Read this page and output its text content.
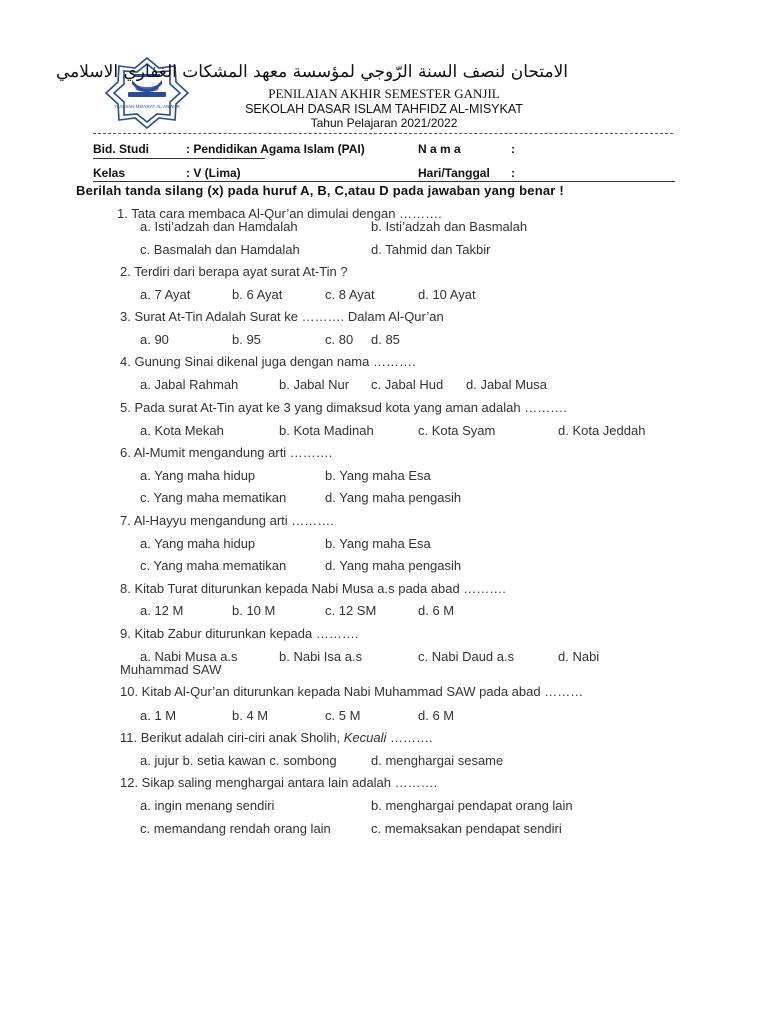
YAYASAN MISYKAT AL-ANWAR
الامتحان لنصف السنة الرّوجي لمؤسسة معهد المشكات الغفاري الاسلامي
PENILAIAN AKHIR SEMESTER GANJIL
SEKOLAH DASAR ISLAM TAHFIDZ AL-MISYKAT
Tahun Pelajaran 2021/2022
Bid. Studi	: Pendidikan Agama Islam (PAI)	N a m a	:
Kelas	: V (Lima)	Hari/Tanggal :
Berilah tanda silang (x) pada huruf A, B, C,atau D pada jawaban yang benar !
1. Tata cara membaca Al-Qur’an dimulai dengan ……….
a. Isti’adzah dan Hamdalah	b. Isti’adzah dan Basmalah
c. Basmalah dan Hamdalah	d. Tahmid dan Takbir
2. Terdiri dari berapa ayat surat At-Tin ?
a. 7 Ayat	b. 6 Ayat	c. 8 Ayat	d. 10 Ayat
3. Surat At-Tin Adalah Surat ke ………. Dalam Al-Qur’an
a. 90	b. 95	c. 80 d. 85
4. Gunung Sinai dikenal juga dengan nama ……….
a. Jabal Rahmah	b. Jabal Nur c. Jabal Hud d. Jabal Musa
5. Pada surat At-Tin ayat ke 3 yang dimaksud kota yang aman adalah ……….
a. Kota Mekah	b. Kota Madinah	c. Kota Syam	d. Kota Jeddah
6. Al-Mumit mengandung arti ……….
a. Yang maha hidup	b. Yang maha Esa
c. Yang maha mematikan	d. Yang maha pengasih
7. Al-Hayyu mengandung arti ……….
a. Yang maha hidup	b. Yang maha Esa
c. Yang maha mematikan	d. Yang maha pengasih
8. Kitab Turat diturunkan kepada Nabi Musa a.s pada abad ……….
a. 12 M	b. 10 M	c. 12 SM	d. 6 M
9. Kitab Zabur diturunkan kepada ……….
a. Nabi Musa a.s	b. Nabi Isa a.s	c. Nabi Daud a.s	d. Nabi
Muhammad SAW
10. Kitab Al-Qur’an diturunkan kepada Nabi Muhammad SAW pada abad ………
a. 1 M	b. 4 M	c. 5 M	d. 6 M
11. Berikut adalah ciri-ciri anak Sholih, Kecuali ……….
a. jujur b. setia kawan c. sombong	d. menghargai sesame
12. Sikap saling menghargai antara lain adalah ……….
a. ingin menang sendiri	b. menghargai pendapat orang lain
c. memandang rendah orang lain	c. memaksakan pendapat sendiri
